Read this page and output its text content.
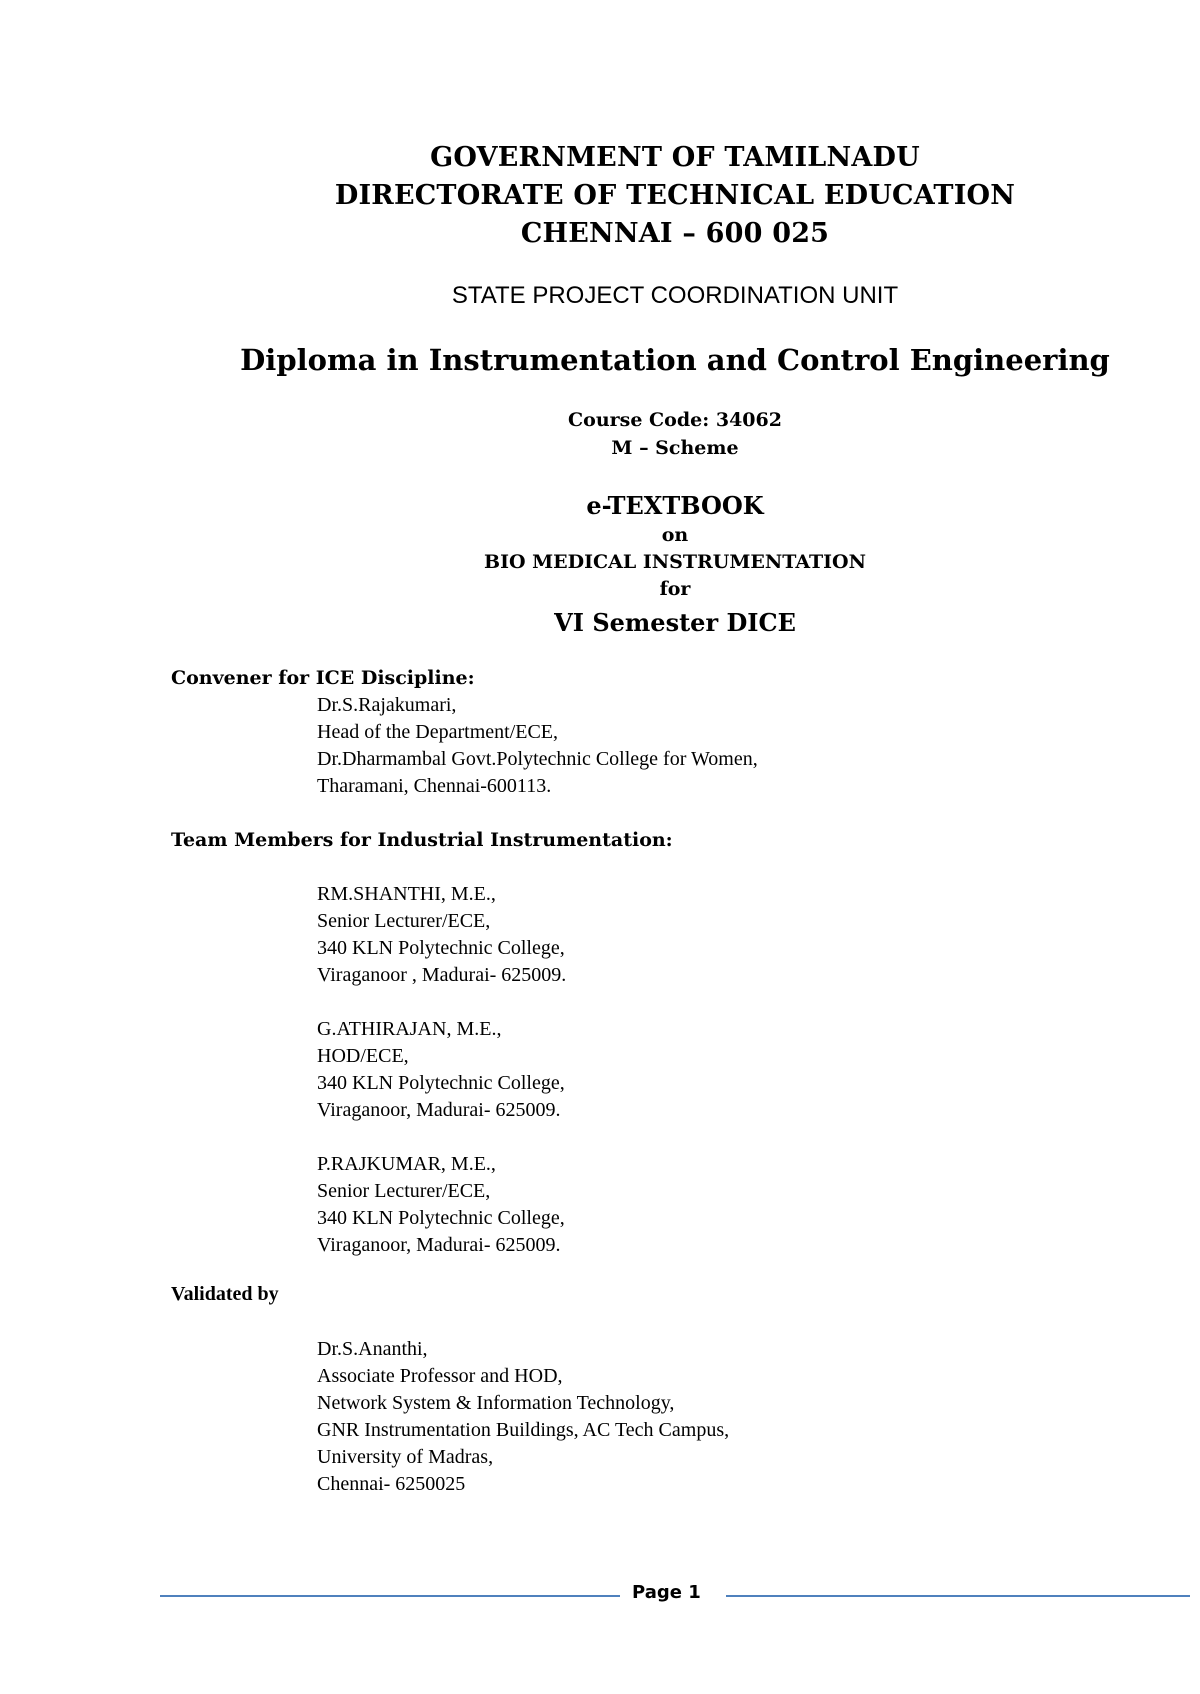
GOVERNMENT OF TAMILNADU
DIRECTORATE OF TECHNICAL EDUCATION
CHENNAI – 600 025
STATE PROJECT COORDINATION UNIT
Diploma in Instrumentation and Control Engineering
Course Code: 34062
M – Scheme
e-TEXTBOOK
on
BIO MEDICAL INSTRUMENTATION
for
VI Semester DICE
Convener for ICE Discipline:
Dr.S.Rajakumari,
Head of the Department/ECE,
Dr.Dharmambal Govt.Polytechnic College for Women,
Tharamani, Chennai-600113.
Team Members for Industrial Instrumentation:
RM.SHANTHI, M.E.,
Senior Lecturer/ECE,
340 KLN Polytechnic College,
Viraganoor , Madurai- 625009.
G.ATHIRAJAN, M.E.,
HOD/ECE,
340 KLN Polytechnic College,
Viraganoor, Madurai- 625009.
P.RAJKUMAR, M.E.,
Senior Lecturer/ECE,
340 KLN Polytechnic College,
Viraganoor, Madurai- 625009.
Validated by
Dr.S.Ananthi,
Associate Professor and HOD,
Network System & Information Technology,
GNR Instrumentation Buildings, AC Tech Campus,
University of Madras,
Chennai- 6250025
Page 1
